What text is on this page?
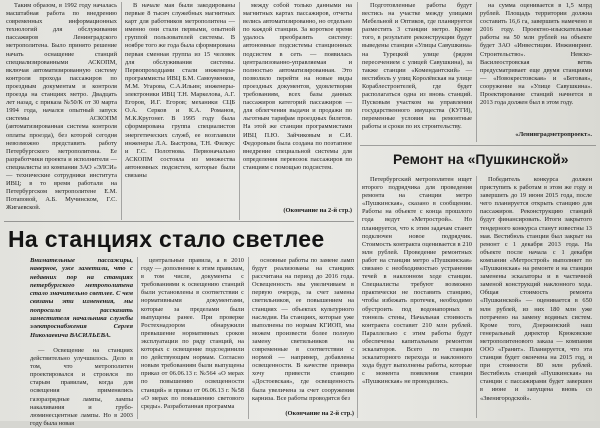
Таким образом, в 1992 году началась масштабная работа по внедрению современных информационных технологий для обслуживания пассажиров Ленинградского метрополитена. Было принято решение начать оснащение станций специализированными АСКОПМ, включая автоматизированную систему контроля прохода пассажиров по проездным документам и контроля проезда на станциях метро. Двадцать лет назад, с приказа №50/К от 30 марта 1994 года, начался опытный запуск системы АСКОПМ (автоматизированная система контроля оплаты проезда), без которой сегодня невозможно представить работу Петербургского метрополитена. Ее разработчики проекта и исполнители — специалисты из компании ЗАО «ЭЛСИ» — технические сотрудники института ИВЦ; в то время работали на Петербургском метрополитене Е.М. Потаповой, А.Б. Мучинском, Г.С. Жигаевской.

В начале мая были закодированы первые 8 тысяч служебных магнитных карт для работников метрополитена — именно они стали первыми, опытной группой пользователей системы. В ноябре того же года была сформирована первая сменная группа из 15 человек для обслуживания системы. Первопроходцами стали инженеры-программисты ИВЦ Б.М. Самоуменков, М.М. Угарова, С.А.Ильин; инженеры-электроники ИВЦ Т.Н. Маркелова, А.Г. Егоров, И.Г. Егоров; механики СЦБ О.А. Серков и К.А. Романов, М.К.Кругонег. В 1995 году была сформирована группа специалистов энергетических служб, ее возглавили инженеры Л.А. Быстрова, Т.Н. Филкус и Г.С. Полотнова. Первоначально АСКОПМ состояла из множества автономных подсистем, которые были связаны

между собой только данными на магнитных картах пассажиров, отчеты велись автоматизированно, но отдельно по каждой станции. За короткое время удалось преобразить систему: автономные подсистемы станционных подсистем в сеть — появилась централизованно-управляемая и полностью автоматизированная. Это позволило перейти на новые виды проездных документов, удовлетворяя требованиям, всех базы данных пассажиров категорий пассажиров — для облегчения выдачи и продажи по льготным тарифам проездных билетов. На этой же станции программистами ИВЦ П.Ю. Зайчиковым и С.И. Федоровым была создана по поэтапное внедрение специальной системы для определения перевозок пассажиров по станциям с помощью подсистем.

(Окончание на 2-й стр.)

Подготовленные работы будут вестись на участке между улицами Мебельной и Оптиков, где планируется разместить 3 станции метро. Кроме того, в результате реконструкции будут выведены станции «Улицы Савушкина» на Турецкой улице (рядом пересечением с улицей Савушкина), за также станции «Комендантский» — вестибюль у улиц Королёвская на улице Кораблестроителей, где будет располагаться одна из вновь станций. Пусковым участком на управлении государственного имущества (КУГИ), переменные условия на ремонтные работы и сроки по их строительству.

на сумма оценивается в 1,5 млрд рублей. Площадь территории должна составить 16,6 га, завершить намечено в 2016 году. Проектно-изыскательные работы на 50 млн рублей на объекте будет ЗАО «Инвестиции. Инжиниринг. Строительство». Невско-Василеостровская ветвь предусматривает еще двумя станциями — «Новокрестовская» и «Беговая», сооружение на «Улице Савушкина». Проектирование станций начнется в 2013 года должен был в этом году.

«Ленинградметропроект».

Ремонт на «Пушкинской»

Петербургский метрополитен ищет второго подрядчика для проведения ремонта на станции метро «Пушкинская», сказано в сообщении. Работы на объекте с конца прошлого года ведут «Метрострой». Но планируется, что к этим задачам станет подключен новое подрядчик. Стоимость контракта оценивается в 210 млн рублей. Проведение ремонтных работ на станции метро «Пушкинская» связано с необходимостью устранения течей в наклонном ходе станции. Специалисты требуют возможно практически не поставить станцию, чтобы избежать протечек, необходимо обустроить под водонапорных в тоннель стены, Начальная стоимость контракта составит 210 млн рублей. Параллельно с этим работы будут обеспечены капитальным ремонтом эскалаторов. Всего по станции эскалаторного перехода и наклонного хода будут выполнены работы, которые с момента появления станции «Пушкинская» не проводились.

Победитель конкурса должен приступить к работам в этом же году и завершить до 19 июня 2015 года, после чего планируется открыть станцию для пассажиров. Реконструкцию станций будут финансировать. Итоги закрытого тендерного конкурса станут известны 13 мая. Вестибюль станции был закрыт на ремонт с 1 декабря 2013 года. На объекте после начала с 1 декабря компании «Метрострой» выполняет по «Пушкинская» на ремонте и на станции заменены эскалаторы и в частичной заменой конструкций наклонного хода. Общая стоимость ремонта «Пушкинской» — оценивается в 650 млн рублей, из них 180 млн уже потрачено на замену водяных систем. Кроме того, Дзержинский наш генеральный директор Крюковские метрополитенового заказа — компания ООО «Гранит». Планируется, что эта станция будет окончена на 2015 год, и при стоимости 80 млн рублей. Вестибюль станций «Пушкинская» на станции с пассажирами будет завершен в июне и запущена вновь со «Звенигородской».

На станциях стало светлее
Внимательные пассажиры, наверное, уже заметили, что с недавних пор на станциях петербургского метрополитена стало значительно светлее. С чем связаны эти изменения, мы попросили рассказать заместителя начальника службы электроснабжения Сергея Николаевича ВАСИЛЬЕВА.

— Освещение на станциях действительно улучшилось. Дело в том, что метрополитен проектировался и строился по старым правилам, когда для освещения применялись газоразрядные лампы, лампы накаливания и грубо-люминесцентные лампы. Но в 2003 году была новая

центральные правила, а в 2010 году — дополнение к этим правилам, в том числе, документы с требованиями к освещению станций были установлены в соответствии с нормативными документами, которые за пределами были выпущены ранее. При проверке Ростехнадзором обнаружили превышение нормативных сроков эксплуатации по ряду станций, на которых с освещение подсоединили по действующим нормам. Согласно новым требованиям были выпущены приказ от 06.06.13 г. №564 «О мерах по повышению освещенности станций» и приказ от 06.06.13 г. №58 «О мерах по повышению светового среды». Разработанная программа

основные работы по замене ламп будут реализованы на станциях рассчитана на период до 2016 года. Освещенность мы увеличиваем в первую очередь, за счет замены светильников, ее повышением на станциях — объектах культурного наследия. На станциях, которые уже выполнены по нормам КГИОП, мы можем произвести более полную замену светильников на современные в соответствии с нормой — например, добавлены освещенности. В качестве примера хочу привести станцию «Достоевская», где освещенность была увеличена за счет сооружения карниза. Все работы проводятся без

(Окончание на 2-й стр.)
